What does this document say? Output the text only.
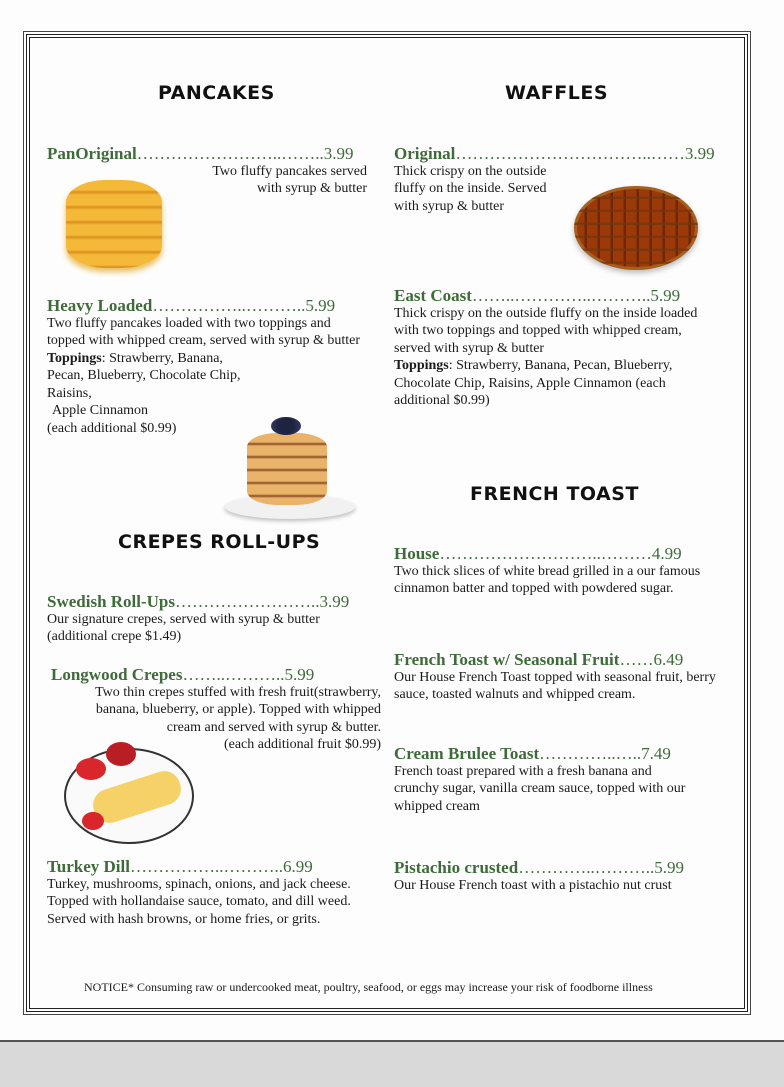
PANCAKES	WAFFLES
CREPES ROLL-UPS
FRENCH TOAST
PanOriginal……………………..……..3.99
Two fluffy pancakes served with syrup & butter
Heavy Loaded……………..………..5.99
Two fluffy pancakes loaded with two toppings and topped with whipped cream, served with syrup & butter
Toppings: Strawberry, Banana, Pecan, Blueberry, Chocolate Chip, Raisins,
Apple Cinnamon
(each additional $0.99)
Swedish Roll-Ups……………………..3.99
Our signature crepes, served with syrup & butter
(additional crepe $1.49)
Longwood Crepes……..………..5.99
Two thin crepes stuffed with fresh fruit(strawberry, banana, blueberry, or apple). Topped with whipped cream and served with syrup & butter.
(each additional fruit $0.99)
Turkey Dill……………..………..6.99
Turkey, mushrooms, spinach, onions, and jack cheese. Topped with hollandaise sauce, tomato, and dill weed. Served with hash browns, or home fries, or grits.
Original……………………………..……3.99
Thick crispy on the outside fluffy on the inside. Served with syrup & butter
East Coast……..…………..………..5.99
Thick crispy on the outside fluffy on the inside loaded with two toppings and topped with whipped cream, served with syrup & butter
Toppings: Strawberry, Banana, Pecan, Blueberry, Chocolate Chip, Raisins, Apple Cinnamon (each additional $0.99)
House………………………..………4.99
Two thick slices of white bread grilled in a our famous cinnamon batter and topped with powdered sugar.
French Toast w/ Seasonal Fruit……6.49
Our House French Toast topped with seasonal fruit, berry sauce, toasted walnuts and whipped cream.
Cream Brulee Toast…………..…..7.49
French toast prepared with a fresh banana and crunchy sugar, vanilla cream sauce, topped with our whipped cream
Pistachio crusted…………..………..5.99
Our House French toast with a pistachio nut crust
NOTICE* Consuming raw or undercooked meat, poultry, seafood, or eggs may increase your risk of foodborne illness
